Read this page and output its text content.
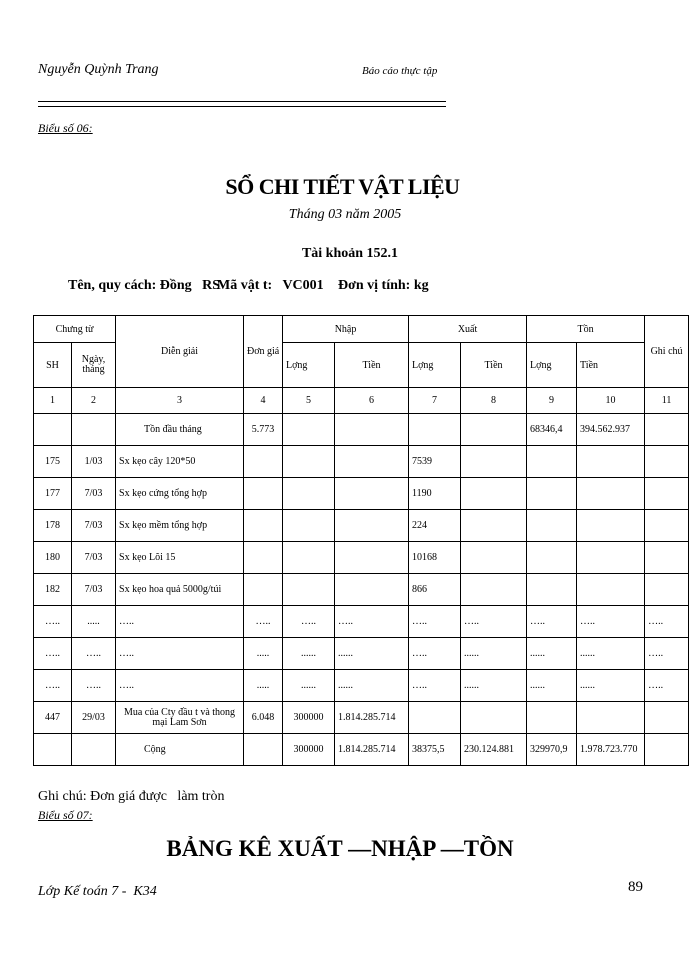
Nguyễn Quỳnh Trang	Báo cáo thực tập
Biểu số 06:
SỔ CHI TIẾT VẬT LIỆU
Tháng 03 năm 2005
Tài khoản 152.1
Tên, quy cách: Đồng   RS
Mã vật t:   VC001 Đơn vị tính: kg
Chưng từ		Diễn giải	Đơn giá	Nhập		Xuất		Tồn		Ghi chú
SH	Ngày, tháng			Lợng	Tiền	Lợng	Tiền	Lợng	Tiền	
1	2	3	4	5	6	7	8	9	10	11
		Tồn đầu tháng	5.773					68346,4	394.562.937	
175	1/03	Sx kẹo cây 120*50				7539				
177	7/03	Sx kẹo cứng tổng hợp				1190				
178	7/03	Sx kẹo mềm tổng hợp				224				
180	7/03	Sx kẹo Lõi 15				10168				
182	7/03	Sx kẹo hoa quả 5000g/túi				866				
…..	.....	…..	…..	…..	…..	…..	…..	…..	…..	…..
…..	…..	…..	.....	......	......	…..	......	......	......	…..
…..	…..	…..	.....	......	......	…..	......	......	......	…..
447	29/03	Mua của Cty đầu t và thong mại Lam Sơn	6.048	300000	1.814.285.714					
		Cộng		300000	1.814.285.714	38375,5	230.124.881	329970,9	1.978.723.770	
Ghi chú: Đơn giá được   làm tròn
Biểu số 07:
BẢNG KÊ XUẤT —NHẬP —TỒN
Lớp Kế toán 7 -  K34	89
